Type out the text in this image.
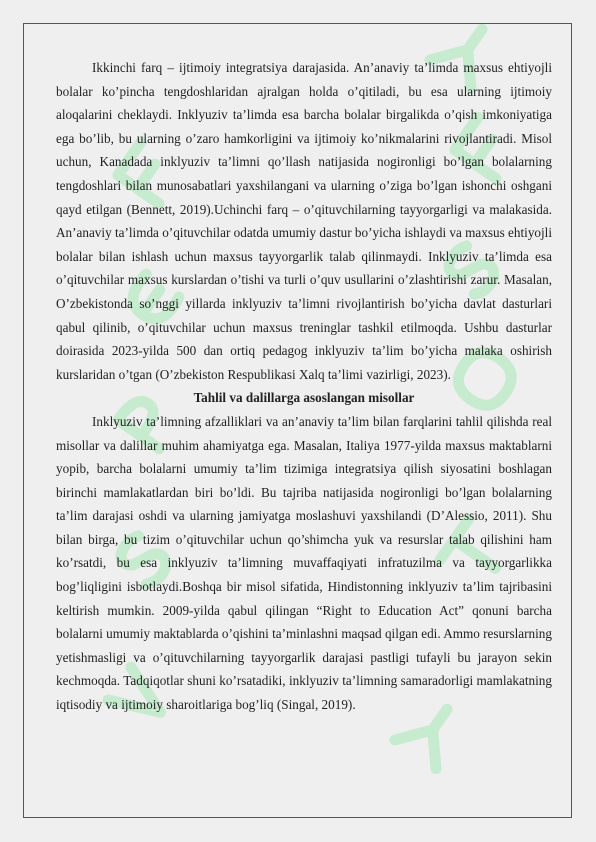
Ikkinchi farq – ijtimoiy integratsiya darajasida. An’anaviy ta’limda maxsus ehtiyojli bolalar ko’pincha tengdoshlaridan ajralgan holda o’qitiladi, bu esa ularning ijtimoiy aloqalarini cheklaydi. Inklyuziv ta’limda esa barcha bolalar birgalikda o’qish imkoniyatiga ega bo’lib, bu ularning o’zaro hamkorligini va ijtimoiy ko’nikmalarini rivojlantiradi. Misol uchun, Kanadada inklyuziv ta’limni qo’llash natijasida nogironligi bo’lgan bolalarning tengdoshlari bilan munosabatlari yaxshilangani va ularning o’ziga bo’lgan ishonchi oshgani qayd etilgan (Bennett, 2019).Uchinchi farq – o’qituvchilarning tayyorgarligi va malakasida. An’anaviy ta’limda o’qituvchilar odatda umumiy dastur bo’yicha ishlaydi va maxsus ehtiyojli bolalar bilan ishlash uchun maxsus tayyorgarlik talab qilinmaydi. Inklyuziv ta’limda esa o’qituvchilar maxsus kurslardan o’tishi va turli o’quv usullarini o’zlashtirishi zarur. Masalan, O’zbekistonda so’nggi yillarda inklyuziv ta’limni rivojlantirish bo’yicha davlat dasturlari qabul qilinib, o’qituvchilar uchun maxsus treninglar tashkil etilmoqda. Ushbu dasturlar doirasida 2023-yilda 500 dan ortiq pedagog inklyuziv ta’lim bo’yicha malaka oshirish kurslaridan o’tgan (O’zbekiston Respublikasi Xalq ta’limi vazirligi, 2023).

Tahlil va dalillarga asoslangan misollar

Inklyuziv ta’limning afzalliklari va an’anaviy ta’lim bilan farqlarini tahlil qilishda real misollar va dalillar muhim ahamiyatga ega. Masalan, Italiya 1977-yilda maxsus maktablarni yopib, barcha bolalarni umumiy ta’lim tizimiga integratsiya qilish siyosatini boshlagan birinchi mamlakatlardan biri bo’ldi. Bu tajriba natijasida nogironligi bo’lgan bolalarning ta’lim darajasi oshdi va ularning jamiyatga moslashuvi yaxshilandi (D’Alessio, 2011). Shu bilan birga, bu tizim o’qituvchilar uchun qo’shimcha yuk va resurslar talab qilishini ham ko’rsatdi, bu esa inklyuziv ta’limning muvaffaqiyati infratuzilma va tayyorgarlikka bog’liqligini isbotlaydi.Boshqa bir misol sifatida, Hindistonning inklyuziv ta’lim tajribasini keltirish mumkin. 2009-yilda qabul qilingan “Right to Education Act” qonuni barcha bolalarni umumiy maktablarda o’qishini ta’minlashni maqsad qilgan edi. Ammo resurslarning yetishmasligi va o’qituvchilarning tayyorgarlik darajasi pastligi tufayli bu jarayon sekin kechmoqda. Tadqiqotlar shuni ko’rsatadiki, inklyuziv ta’limning samaradorligi mamlakatning iqtisodiy va ijtimoiy sharoitlariga bog’liq (Singal, 2019).
